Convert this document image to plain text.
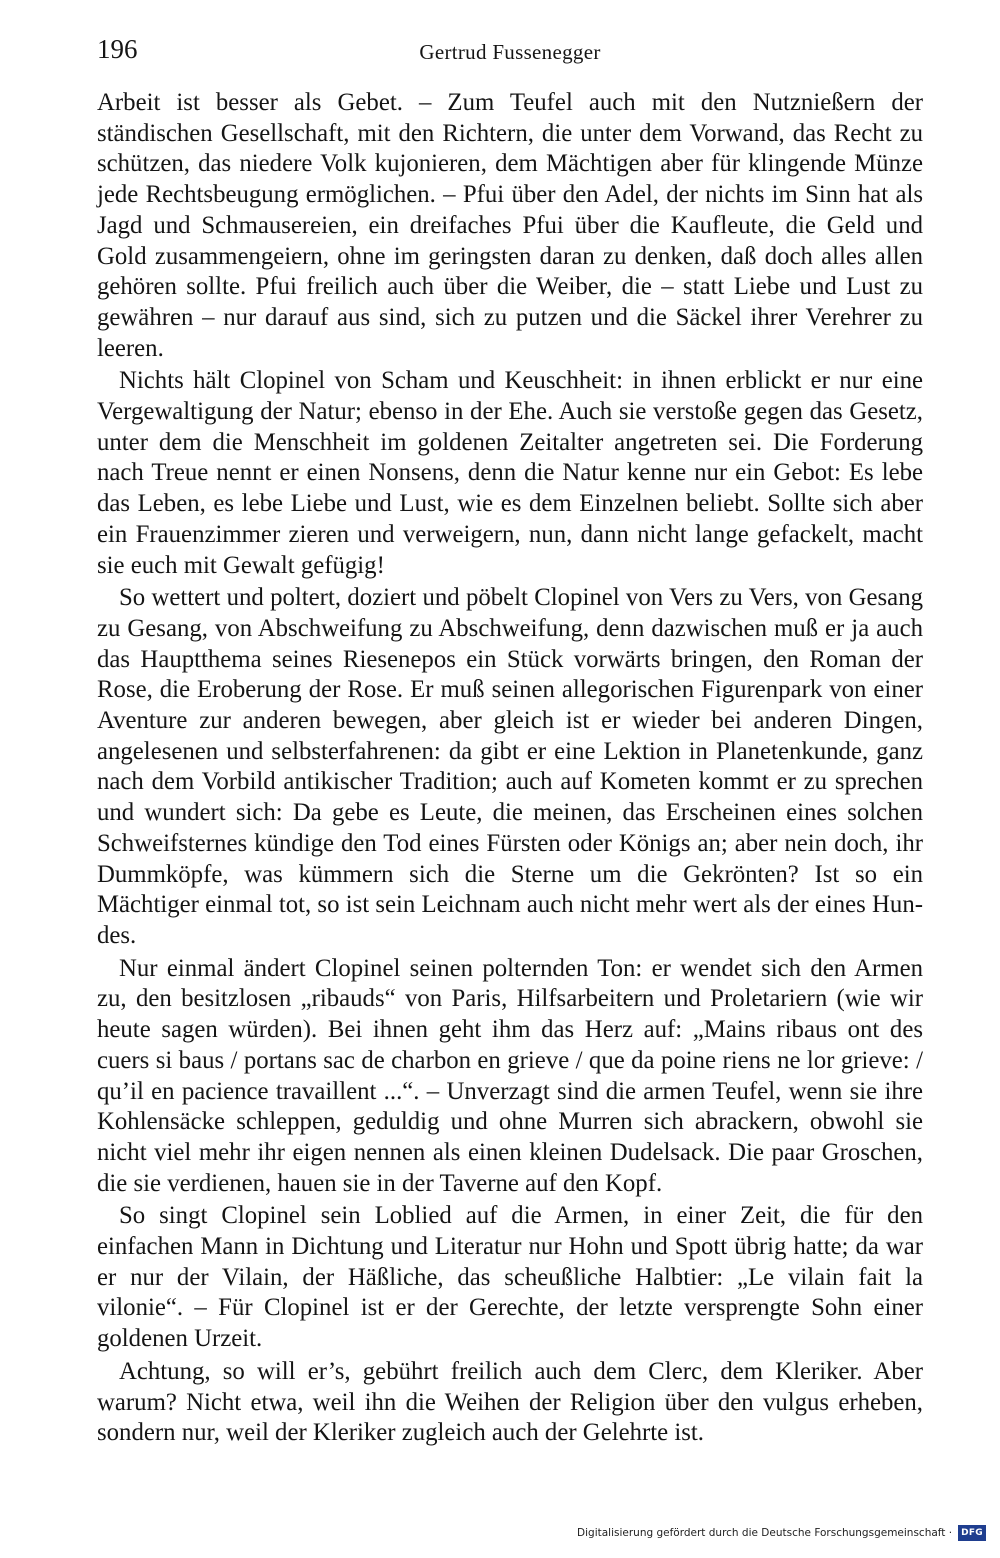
196	Gertrud Fussenegger

Arbeit ist besser als Gebet. – Zum Teufel auch mit den Nutznießern der ständischen Gesellschaft, mit den Richtern, die unter dem Vorwand, das Recht zu schützen, das niedere Volk kujonieren, dem Mächtigen aber für klingende Münze jede Rechtsbeugung ermöglichen. – Pfui über den Adel, der nichts im Sinn hat als Jagd und Schmausereien, ein dreifaches Pfui über die Kaufleute, die Geld und Gold zusammengeiern, ohne im geringsten daran zu denken, daß doch alles allen gehören sollte. Pfui freilich auch über die Weiber, die – statt Liebe und Lust zu gewähren – nur darauf aus sind, sich zu putzen und die Säckel ihrer Verehrer zu leeren.

Nichts hält Clopinel von Scham und Keuschheit: in ihnen erblickt er nur eine Vergewaltigung der Natur; ebenso in der Ehe. Auch sie verstoße gegen das Gesetz, unter dem die Menschheit im goldenen Zeitalter angetreten sei. Die Forderung nach Treue nennt er einen Nonsens, denn die Natur kenne nur ein Gebot: Es lebe das Leben, es lebe Liebe und Lust, wie es dem Einzelnen beliebt. Sollte sich aber ein Frauenzimmer zieren und verweigern, nun, dann nicht lange gefackelt, macht sie euch mit Gewalt gefügig!

So wettert und poltert, doziert und pöbelt Clopinel von Vers zu Vers, von Gesang zu Gesang, von Abschweifung zu Abschweifung, denn dazwischen muß er ja auch das Hauptthema seines Riesenepos ein Stück vorwärts bringen, den Roman der Rose, die Eroberung der Rose. Er muß seinen allegorischen Figurenpark von einer Aventure zur anderen bewegen, aber gleich ist er wieder bei anderen Dingen, angelesenen und selbsterfahrenen: da gibt er eine Lektion in Planetenkunde, ganz nach dem Vorbild antikischer Tradition; auch auf Kometen kommt er zu sprechen und wundert sich: Da gebe es Leute, die meinen, das Erscheinen eines solchen Schweifsternes kündige den Tod eines Fürsten oder Königs an; aber nein doch, ihr Dummköpfe, was kümmern sich die Sterne um die Gekrönten? Ist so ein Mächtiger einmal tot, so ist sein Leichnam auch nicht mehr wert als der eines Hundes.

Nur einmal ändert Clopinel seinen polternden Ton: er wendet sich den Armen zu, den besitzlosen „ribauds“ von Paris, Hilfsarbeitern und Proletariern (wie wir heute sagen würden). Bei ihnen geht ihm das Herz auf: „Mains ribaus ont des cuers si baus / portans sac de charbon en grieve / que da poine riens ne lor grieve: / qu’il en pacience travaillent ...“. – Unverzagt sind die armen Teufel, wenn sie ihre Kohlensäcke schleppen, geduldig und ohne Murren sich abrackern, obwohl sie nicht viel mehr ihr eigen nennen als einen kleinen Dudelsack. Die paar Groschen, die sie verdienen, hauen sie in der Taverne auf den Kopf.

So singt Clopinel sein Loblied auf die Armen, in einer Zeit, die für den einfachen Mann in Dichtung und Literatur nur Hohn und Spott übrig hatte; da war er nur der Vilain, der Häßliche, das scheußliche Halbtier: „Le vilain fait la vilonie“. – Für Clopinel ist er der Gerechte, der letzte versprengte Sohn einer goldenen Urzeit.

Achtung, so will er’s, gebührt freilich auch dem Clerc, dem Kleriker. Aber warum? Nicht etwa, weil ihn die Weihen der Religion über den vulgus erheben, sondern nur, weil der Kleriker zugleich auch der Gelehrte ist.

Digitalisierung gefördert durch die Deutsche Forschungsgemeinschaft ·	DFG
